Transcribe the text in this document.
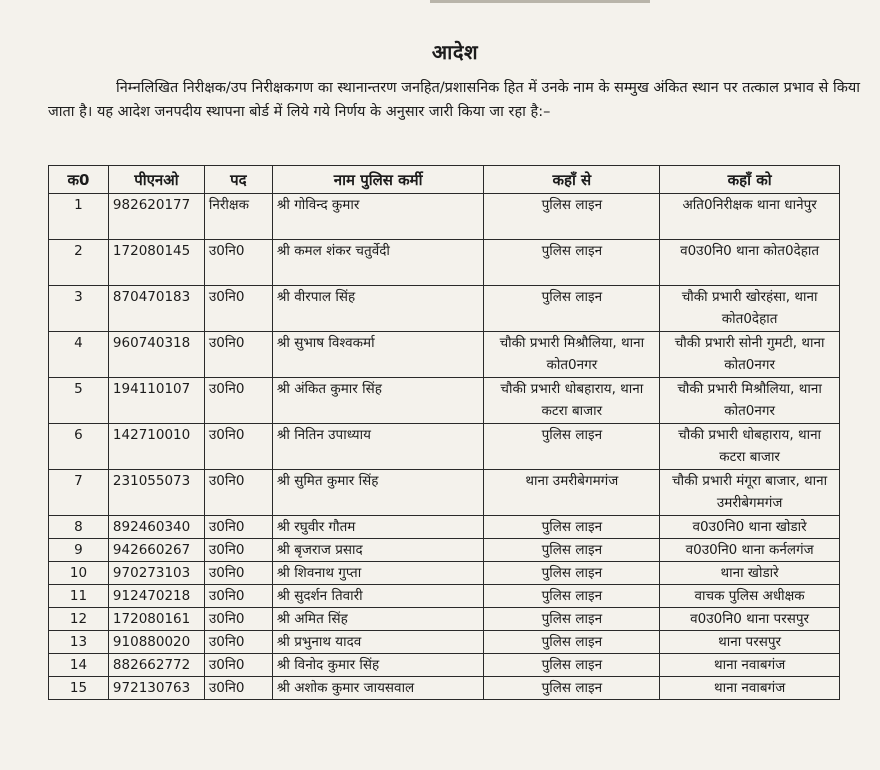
आदेश

निम्नलिखित निरीक्षक/उप निरीक्षकगण का स्थानान्तरण जनहित/प्रशासनिक हित में उनके नाम के सम्मुख अंकित स्थान पर तत्काल प्रभाव से किया जाता है। यह आदेश जनपदीय स्थापना बोर्ड में लिये गये निर्णय के अनुसार जारी किया जा रहा है:–

क0	पीएनओ	पद	नाम पुलिस कर्मी	कहाँ से	कहाँ को
1	982620177	निरीक्षक	श्री गोविन्द कुमार	पुलिस लाइन	अति0निरीक्षक थाना धानेपुर
2	172080145	उ0नि0	श्री कमल शंकर चतुर्वेदी	पुलिस लाइन	व0उ0नि0 थाना कोत0देहात
3	870470183	उ0नि0	श्री वीरपाल सिंह	पुलिस लाइन	चौकी प्रभारी खोरहंसा, थाना कोत0देहात
4	960740318	उ0नि0	श्री सुभाष विश्वकर्मा	चौकी प्रभारी मिश्रौलिया, थाना कोत0नगर	चौकी प्रभारी सोनी गुमटी, थाना कोत0नगर
5	194110107	उ0नि0	श्री अंकित कुमार सिंह	चौकी प्रभारी धोबहाराय, थाना कटरा बाजार	चौकी प्रभारी मिश्रौलिया, थाना कोत0नगर
6	142710010	उ0नि0	श्री नितिन उपाध्याय	पुलिस लाइन	चौकी प्रभारी धोबहाराय, थाना कटरा बाजार
7	231055073	उ0नि0	श्री सुमित कुमार सिंह	थाना उमरीबेगमगंज	चौकी प्रभारी मंगूरा बाजार, थाना उमरीबेगमगंज
8	892460340	उ0नि0	श्री रघुवीर गौतम	पुलिस लाइन	व0उ0नि0 थाना खोडारे
9	942660267	उ0नि0	श्री बृजराज प्रसाद	पुलिस लाइन	व0उ0नि0 थाना कर्नलगंज
10	970273103	उ0नि0	श्री शिवनाथ गुप्ता	पुलिस लाइन	थाना खोडारे
11	912470218	उ0नि0	श्री सुदर्शन तिवारी	पुलिस लाइन	वाचक पुलिस अधीक्षक
12	172080161	उ0नि0	श्री अमित सिंह	पुलिस लाइन	व0उ0नि0 थाना परसपुर
13	910880020	उ0नि0	श्री प्रभुनाथ यादव	पुलिस लाइन	थाना परसपुर
14	882662772	उ0नि0	श्री विनोद कुमार सिंह	पुलिस लाइन	थाना नवाबगंज
15	972130763	उ0नि0	श्री अशोक कुमार जायसवाल	पुलिस लाइन	थाना नवाबगंज
